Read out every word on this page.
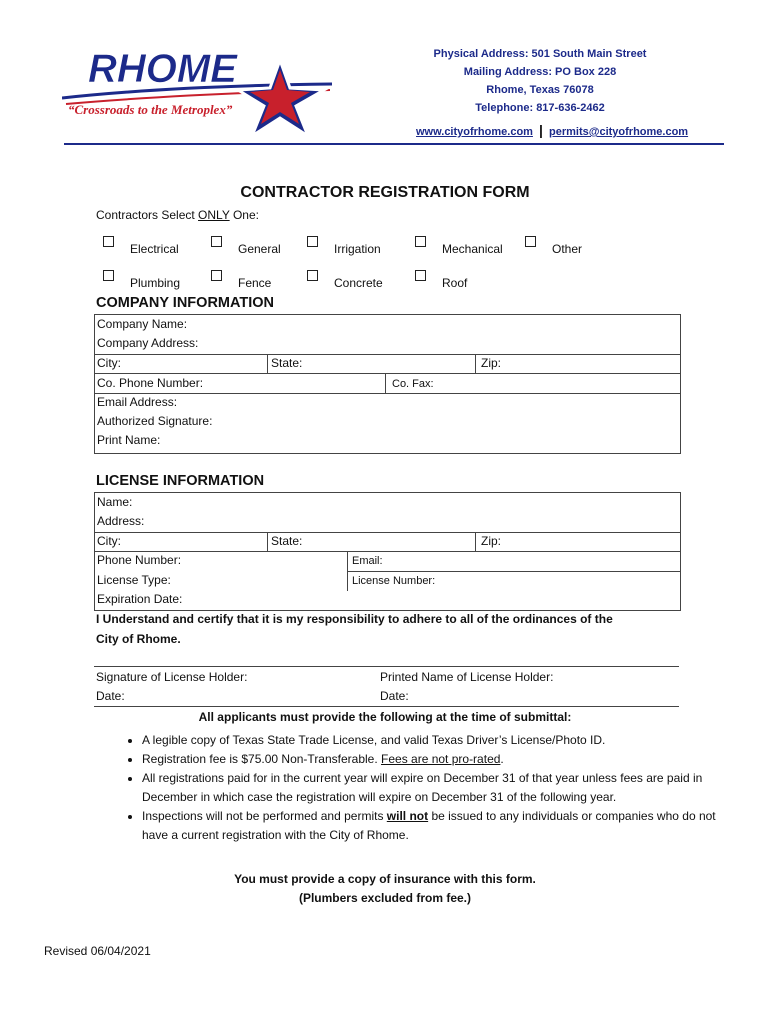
RHOME
“Crossroads to the Metroplex”
Physical Address: 501 South Main Street
Mailing Address: PO Box 228
Rhome, Texas 76078
Telephone: 817-636-2462
www.cityofrhome.com | permits@cityofrhome.com
CONTRACTOR REGISTRATION FORM
Contractors Select ONLY One:
Electrical	General	Irrigation	Mechanical	Other
Plumbing	Fence	Concrete	Roof
COMPANY INFORMATION
Company Name:
Company Address:
City:	State:	Zip:
Co. Phone Number:	Co. Fax:
Email Address:
Authorized Signature:
Print Name:
LICENSE INFORMATION
Name:
Address:
City:	State:	Zip:
Phone Number:	Email:
License Type:	License Number:
Expiration Date:
I Understand and certify that it is my responsibility to adhere to all of the ordinances of the
City of Rhome.
Signature of License Holder:	Printed Name of License Holder:
Date:	Date:
All applicants must provide the following at the time of submittal:
• A legible copy of Texas State Trade License, and valid Texas Driver’s License/Photo ID.
• Registration fee is $75.00 Non-Transferable. Fees are not pro-rated.
• All registrations paid for in the current year will expire on December 31 of that year unless fees are paid in December in which case the registration will expire on December 31 of the following year.
• Inspections will not be performed and permits will not be issued to any individuals or companies who do not have a current registration with the City of Rhome.
You must provide a copy of insurance with this form.
(Plumbers excluded from fee.)
Revised 06/04/2021
